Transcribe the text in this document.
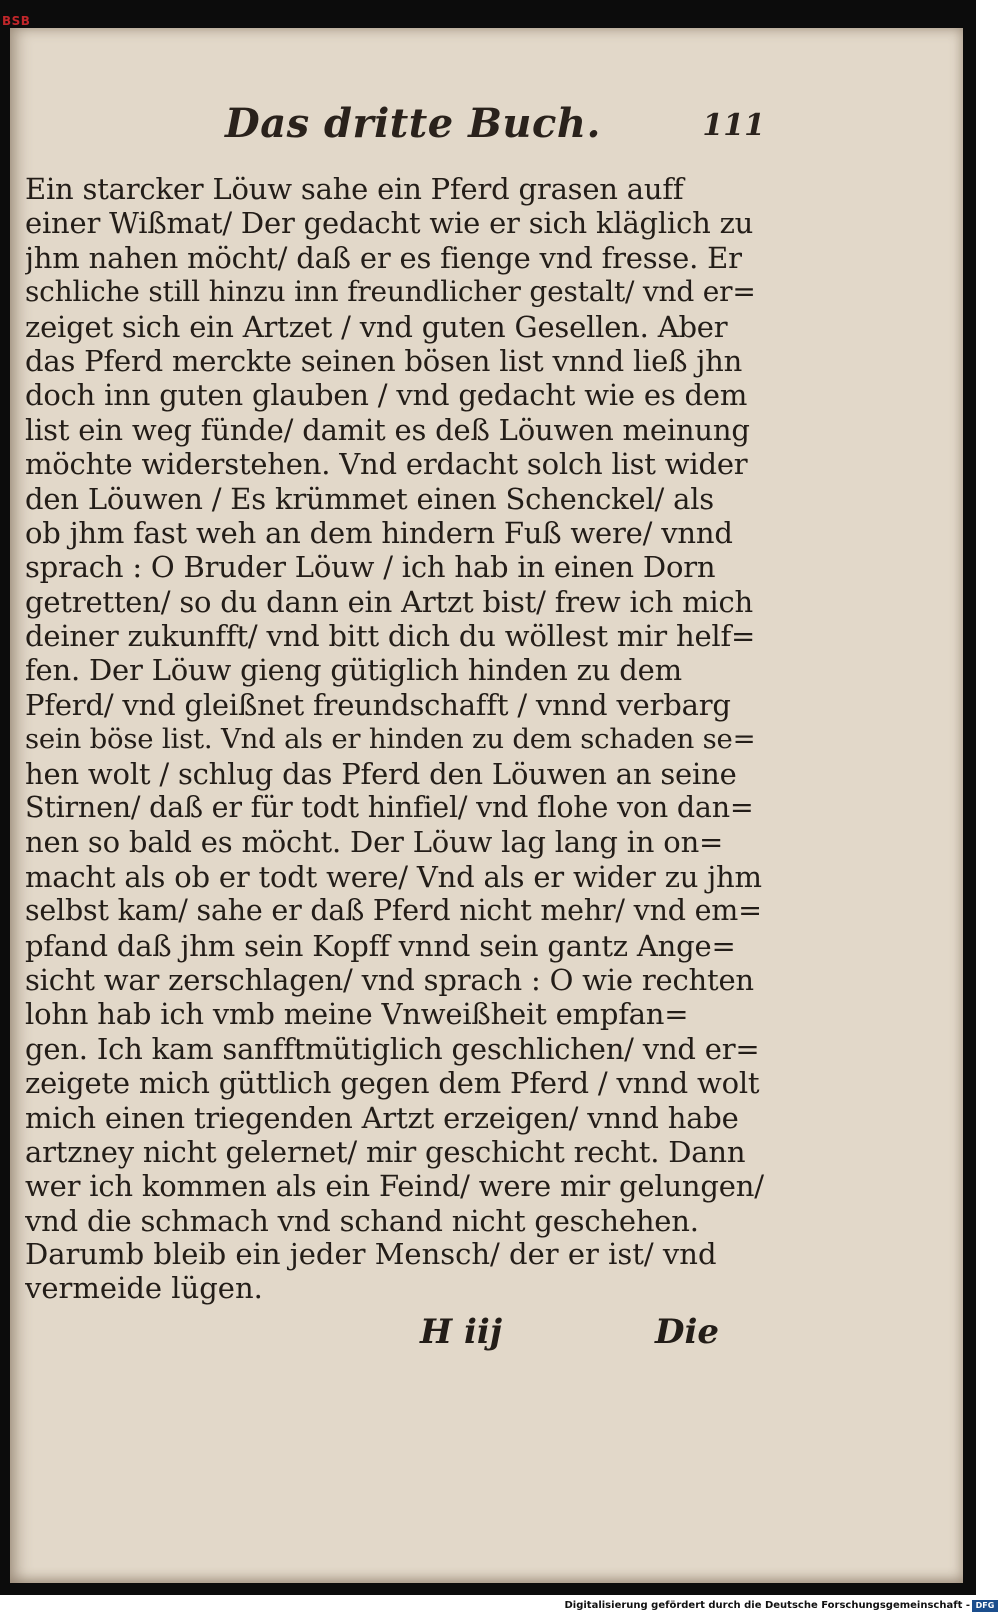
BSB
Das dritte Buch.	111
Ein starcker Löuw sahe ein Pferd grasen auff
einer Wißmat/ Der gedacht wie er sich kläglich zu
jhm nahen möcht/ daß er es fienge vnd fresse. Er
schliche still hinzu inn freundlicher gestalt/ vnd er=
zeiget sich ein Artzet / vnd guten Gesellen. Aber
das Pferd merckte seinen bösen list vnnd ließ jhn
doch inn guten glauben / vnd gedacht wie es dem
list ein weg fünde/ damit es deß Löuwen meinung
möchte widerstehen. Vnd erdacht solch list wider
den Löuwen / Es krümmet einen Schenckel/ als
ob jhm fast weh an dem hindern Fuß were/ vnnd
sprach : O Bruder Löuw / ich hab in einen Dorn
getretten/ so du dann ein Artzt bist/ frew ich mich
deiner zukunfft/ vnd bitt dich du wöllest mir helf=
fen. Der Löuw gieng gütiglich hinden zu dem
Pferd/ vnd gleißnet freundschafft / vnnd verbarg
sein böse list. Vnd als er hinden zu dem schaden se=
hen wolt / schlug das Pferd den Löuwen an seine
Stirnen/ daß er für todt hinfiel/ vnd flohe von dan=
nen so bald es möcht. Der Löuw lag lang in on=
macht als ob er todt were/ Vnd als er wider zu jhm
selbst kam/ sahe er daß Pferd nicht mehr/ vnd em=
pfand daß jhm sein Kopff vnnd sein gantz Ange=
sicht war zerschlagen/ vnd sprach : O wie rechten
lohn hab ich vmb meine Vnweißheit empfan=
gen. Ich kam sanfftmütiglich geschlichen/ vnd er=
zeigete mich güttlich gegen dem Pferd / vnnd wolt
mich einen triegenden Artzt erzeigen/ vnnd habe
artzney nicht gelernet/ mir geschicht recht. Dann
wer ich kommen als ein Feind/ were mir gelungen/
vnd die schmach vnd schand nicht geschehen.
Darumb bleib ein jeder Mensch/ der er ist/ vnd
vermeide lügen.
H iij	Die
Digitalisierung gefördert durch die Deutsche Forschungsgemeinschaft - DFG
